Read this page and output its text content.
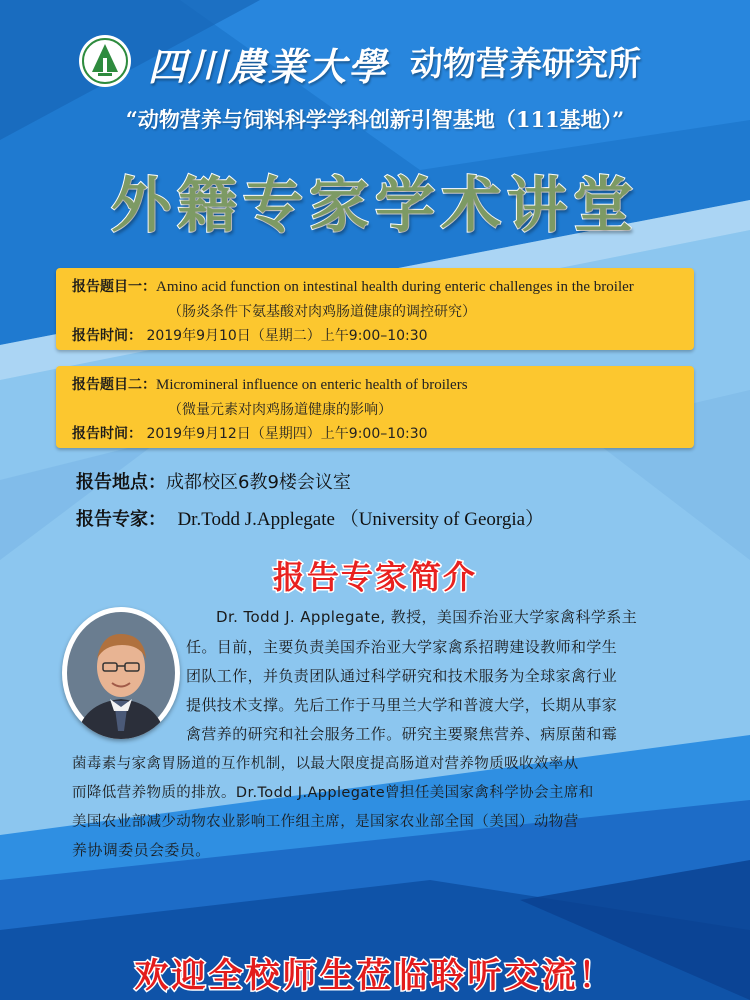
四川農業大學 动物营养研究所
“动物营养与饲料科学学科创新引智基地（111基地）”
外籍专家学术讲堂
报告题目一：Amino acid function on intestinal health during enteric challenges in the broiler
（肠炎条件下氨基酸对肉鸡肠道健康的调控研究）
报告时间： 2019年9月10日（星期二）上午9:00–10:30
报告题目二：Micromineral influence on enteric health of broilers
（微量元素对肉鸡肠道健康的影响）
报告时间： 2019年9月12日（星期四）上午9:00–10:30
报告地点：成都校区6教9楼会议室
报告专家： Dr.Todd J.Applegate （University of Georgia）
报告专家简介
Dr. Todd J. Applegate, 教授，美国乔治亚大学家禽科学系主
任。目前，主要负责美国乔治亚大学家禽系招聘建设教师和学生
团队工作，并负责团队通过科学研究和技术服务为全球家禽行业
提供技术支撑。先后工作于马里兰大学和普渡大学，长期从事家
禽营养的研究和社会服务工作。研究主要聚焦营养、病原菌和霉
菌毒素与家禽胃肠道的互作机制，以最大限度提高肠道对营养物质吸收效率从
而降低营养物质的排放。Dr.Todd J.Applegate曾担任美国家禽科学协会主席和
美国农业部减少动物农业影响工作组主席，是国家农业部全国（美国）动物营
养协调委员会委员。
欢迎全校师生莅临聆听交流！
